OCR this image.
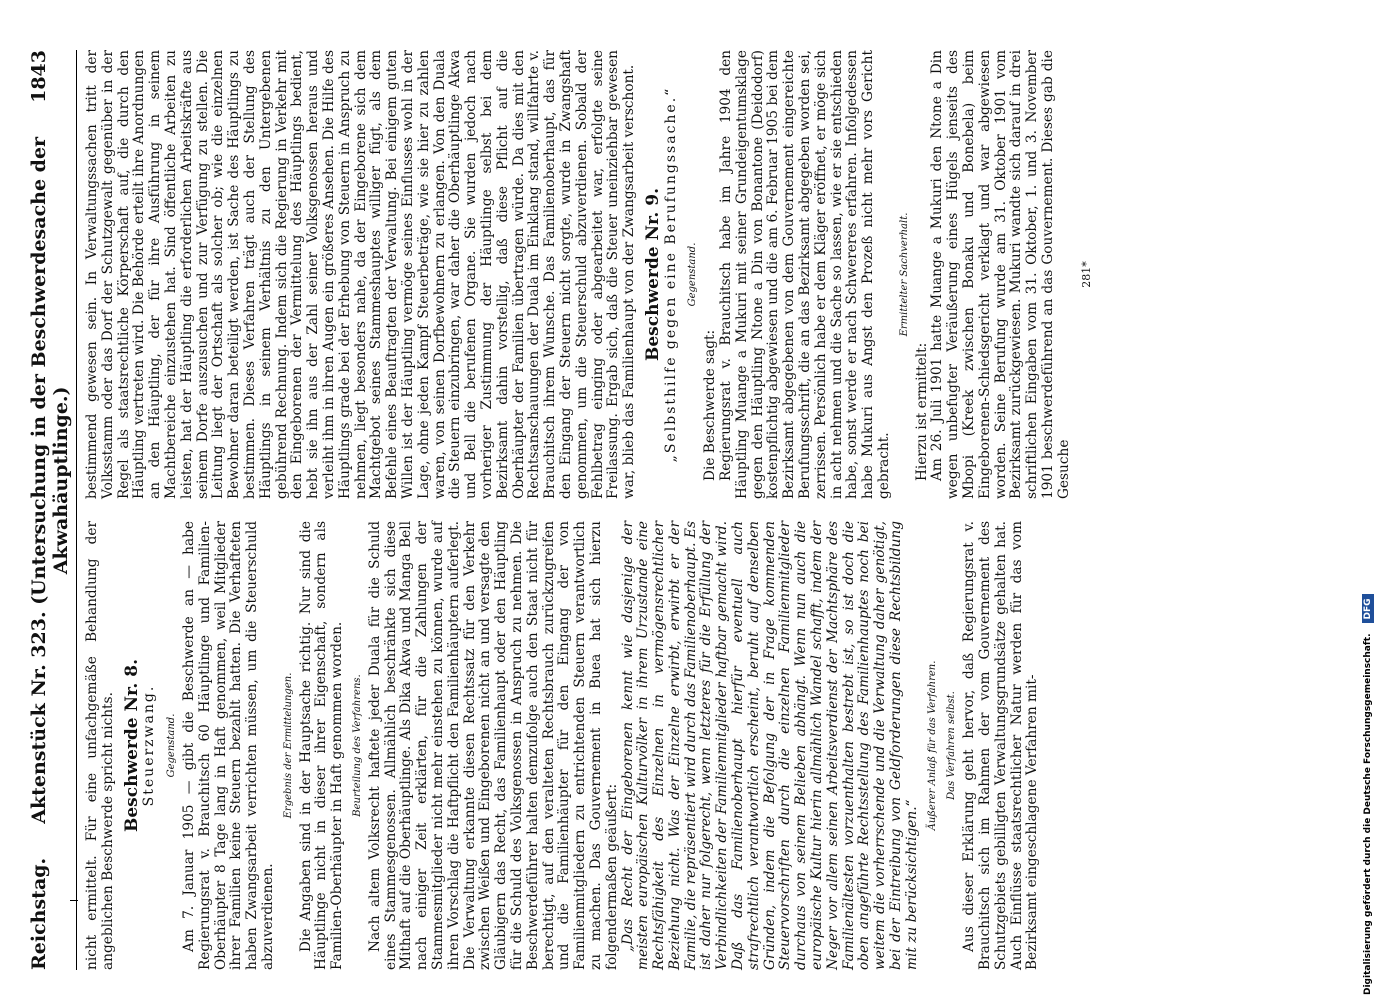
Reichstag.
Aktenstück Nr. 323. (Untersuchung in der Beschwerdesache der Akwahäuptlinge.)
1843

nicht ermittelt. Für eine unfachgemäße Behandlung der angeblichen Beschwerde spricht nichts. Beschwerde Nr. 8. Steuerzwang. Gegenstand. Am 7. Januar 1905 — gibt die Beschwerde an — habe Regierungsrat v. Brauchitsch 60 Häuptlinge und Familien-Oberhäupter 8 Tage lang in Haft genommen, weil Mitglieder ihrer Familien keine Steuern bezahlt hatten. Die Verhafteten haben Zwangsarbeit verrichten müssen, um die Steuerschuld abzuverdienen.

Ergebnis der Ermittelungen. Die Angaben sind in der Hauptsache richtig. Nur sind die Häuptlinge nicht in dieser ihrer Eigenschaft, sondern als Familien-Oberhäupter in Haft genommen worden. Beurteilung des Verfahrens. Nach altem Volksrecht haftete jeder Duala für die Schuld eines Stammesgenossen. Allmählich beschränkte sich diese Mithaft auf die Oberhäuptlinge. Als Dika Akwa und Manga Bell nach einiger Zeit erklärten, für die Zahlungen der Stammesmitglieder nicht mehr einstehen zu können, wurde auf ihren Vorschlag die Haftpflicht den Familienhäuptern auferlegt. Die Verwaltung erkannte diesen Rechtssatz für den Verkehr zwischen Weißen und Eingeborenen nicht an und versagte den Gläubigern das Recht, das Familienhaupt oder den Häuptling für die Schuld des Volksgenossen in Anspruch zu nehmen. Die Beschwerdeführer halten demzufolge auch den Staat nicht für berechtigt, auf den veralteten Rechtsbrauch zurückzugreifen und die Familienhäupter für den Eingang der von Familienmitgliedern zu entrichtenden Steuern verantwortlich zu machen. Das Gouvernement in Buea hat sich hierzu folgendermaßen geäußert: „Das Recht der Eingeborenen kennt wie dasjenige der meisten europäischen Kulturvölker in ihrem Urzustande eine Rechtsfähigkeit des Einzelnen in vermögensrechtlicher Beziehung nicht. Was der Einzelne erwirbt, erwirbt er der Familie, die repräsentiert wird durch das Familienoberhaupt. Es ist daher nur folgerecht, wenn letzteres für die Erfüllung der Verbindlichkeiten der Familienmitglieder haftbar gemacht wird. Daß das Familienoberhaupt hierfür eventuell auch strafrechtlich verantwortlich erscheint, beruht auf denselben Gründen, indem die Befolgung der in Frage kommenden Steuervorschriften durch die einzelnen Familienmitglieder durchaus von seinem Belieben abhängt. Wenn nun auch die europäische Kultur hierin allmählich Wandel schafft, indem der Neger vor allem seinen Arbeitsverdienst der Machtsphäre des Familienältesten vorzuenthalten bestrebt ist, so ist doch die oben angeführte Rechtsstellung des Familienhauptes noch bei weitem die vorherrschende und die Verwaltung daher genötigt, bei der Eintreibung von Geldforderungen diese Rechtsbildung mit zu berücksichtigen.“

Äußerer Anlaß für das Verfahren. Das Verfahren selbst. Aus dieser Erklärung geht hervor, daß Regierungsrat v. Brauchitsch sich im Rahmen der vom Gouvernement des Schutzgebiets gebilligten Verwaltungsgrundsätze gehalten hat. Auch Einflüsse staatsrechtlicher Natur werden für das vom Bezirksamt eingeschlagene Verfahren mit-

bestimmend gewesen sein. In Verwaltungssachen tritt der Volksstamm oder das Dorf der Schutzgewalt gegenüber in der Regel als staatsrechtliche Körperschaft auf, die durch den Häuptling vertreten wird. Die Behörde erteilt ihre Anordnungen an den Häuptling, der für ihre Ausführung in seinem Machtbereiche einzustehen hat. Sind öffentliche Arbeiten zu leisten, hat der Häuptling die erforderlichen Arbeitskräfte aus seinem Dorfe auszusuchen und zur Verfügung zu stellen. Die Leitung liegt der Ortschaft als solcher ob; wie die einzelnen Bewohner daran beteiligt werden, ist Sache des Häuptlings zu bestimmen. Dieses Verfahren trägt auch der Stellung des Häuptlings in seinem Verhältnis zu den Untergebenen gebührend Rechnung. Indem sich die Regierung in Verkehr mit den Eingeborenen der Vermittelung des Häuptlings bedient, hebt sie ihn aus der Zahl seiner Volksgenossen heraus und verleiht ihm in ihren Augen ein größeres Ansehen. Die Hilfe des Häuptlings grade bei der Erhebung von Steuern in Anspruch zu nehmen, liegt besonders nahe, da der Eingeborene sich dem Machtgebot seines Stammeshauptes williger fügt, als dem Befehle eines Beauftragten der Verwaltung. Bei einigem guten Willen ist der Häuptling vermöge seines Einflusses wohl in der Lage, ohne jeden Kampf Steuerbeträge, wie sie hier zu zahlen waren, von seinen Dorfbewohnern zu erlangen. Von den Duala die Steuern einzubringen, war daher die Oberhäuptlinge Akwa und Bell die berufenen Organe. Sie wurden jedoch nach vorheriger Zustimmung der Häuptlinge selbst bei dem Bezirksamt dahin vorstellig, daß diese Pflicht auf die Oberhäupter der Familien übertragen würde. Da dies mit den Rechtsanschauungen der Duala im Einklang stand, willfahrte v. Brauchitsch ihrem Wunsche. Das Familienoberhaupt, das für den Eingang der Steuern nicht sorgte, wurde in Zwangshaft genommen, um die Steuerschuld abzuverdienen. Sobald der Fehlbetrag einging oder abgearbeitet war, erfolgte seine Freilassung. Ergab sich, daß die Steuer uneinziehbar gewesen war, blieb das Familienhaupt von der Zwangsarbeit verschont. Beschwerde Nr. 9. „Selbsthilfe gegen eine Berufungssache.“ Gegenstand.

Die Beschwerde sagt: Regierungsrat v. Brauchitsch habe im Jahre 1904 den Häuptling Muange a Mukuri mit seiner Grundeigentumsklage gegen den Häuptling Ntone a Din von Bonantone (Deidodorf) kostenpflichtig abgewiesen und die am 6. Februar 1905 bei dem Bezirksamt abgegebenen von dem Gouvernement eingereichte Berufungsschrift, die an das Bezirksamt abgegeben worden sei, zerrissen. Persönlich habe er dem Kläger eröffnet, er möge sich in acht nehmen und die Sache so lassen, wie er sie entschieden habe, sonst werde er nach Schwereres erfahren. Infolgedessen habe Mukuri aus Angst den Prozeß nicht mehr vors Gericht gebracht.

Ermittelter Sachverhalt.

Hierzu ist ermittelt: Am 26. Juli 1901 hatte Muange a Mukuri den Ntone a Din wegen unbefugter Veräußerung eines Hügels jenseits des Mbopi (Kreek zwischen Bonaku und Bonebela) beim Eingeborenen-Schiedsgericht verklagt und war abgewiesen worden. Seine Berufung wurde am 31. Oktober 1901 vom Bezirksamt zurückgewiesen. Mukuri wandte sich darauf in drei schriftlichen Eingaben vom 31. Oktober, 1. und 3. November 1901 beschwerdeführend an das Gouvernement. Dieses gab die Gesuche

281*
Digitalisierung gefördert durch die Deutsche Forschungsgemeinschaft.
DFG
